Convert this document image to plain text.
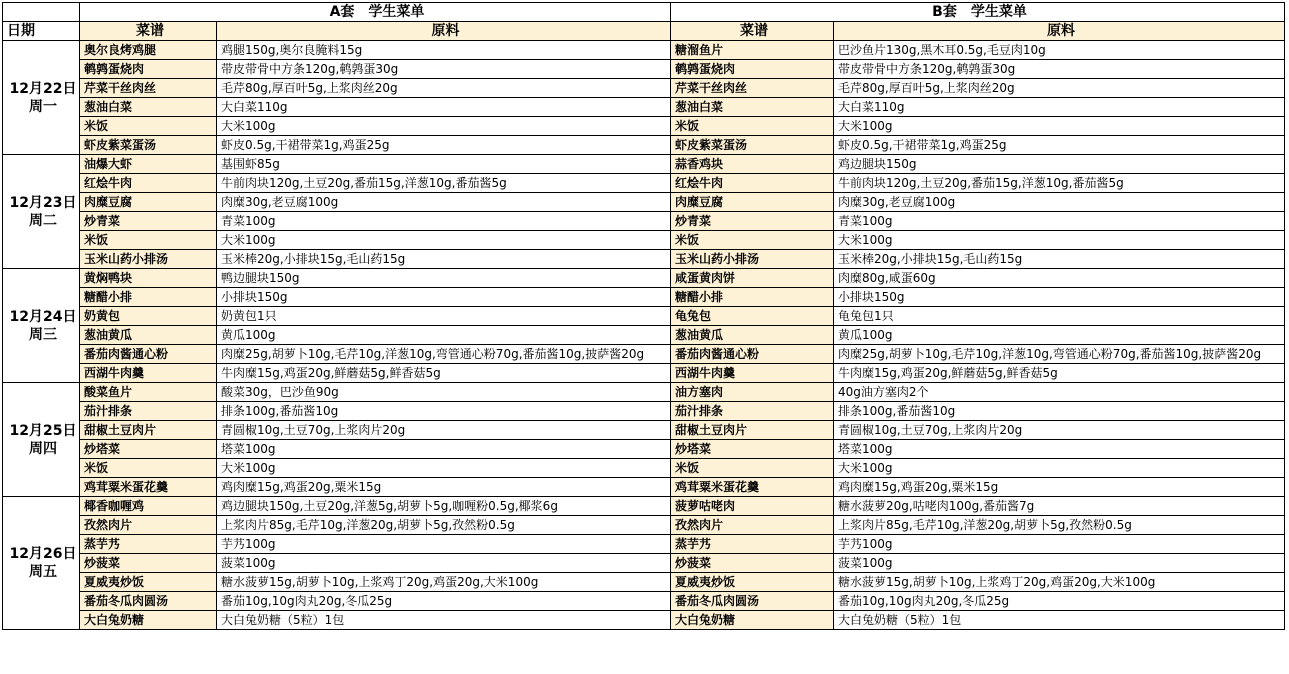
	A套　学生菜单		B套　学生菜单	
日期	菜谱	原料	菜谱	原料

12月22日
周一	奥尔良烤鸡腿	鸡腿150g,奥尔良腌料15g	糖溜鱼片	巴沙鱼片130g,黑木耳0.5g,毛豆肉10g
	鹌鹑蛋烧肉	带皮带骨中方条120g,鹌鹑蛋30g	鹌鹑蛋烧肉	带皮带骨中方条120g,鹌鹑蛋30g
	芹菜干丝肉丝	毛芹80g,厚百叶5g,上浆肉丝20g	芹菜干丝肉丝	毛芹80g,厚百叶5g,上浆肉丝20g
	葱油白菜	大白菜110g	葱油白菜	大白菜110g
	米饭	大米100g	米饭	大米100g
	虾皮紫菜蛋汤	虾皮0.5g,干裙带菜1g,鸡蛋25g	虾皮紫菜蛋汤	虾皮0.5g,干裙带菜1g,鸡蛋25g

12月23日
周二	油爆大虾	基围虾85g	蒜香鸡块	鸡边腿块150g
	红烩牛肉	牛前肉块120g,土豆20g,番茄15g,洋葱10g,番茄酱5g	红烩牛肉	牛前肉块120g,土豆20g,番茄15g,洋葱10g,番茄酱5g
	肉糜豆腐	肉糜30g,老豆腐100g	肉糜豆腐	肉糜30g,老豆腐100g
	炒青菜	青菜100g	炒青菜	青菜100g
	米饭	大米100g	米饭	大米100g
	玉米山药小排汤	玉米棒20g,小排块15g,毛山药15g	玉米山药小排汤	玉米棒20g,小排块15g,毛山药15g

12月24日
周三	黄焖鸭块	鸭边腿块150g	咸蛋黄肉饼	肉糜80g,咸蛋60g
	糖醋小排	小排块150g	糖醋小排	小排块150g
	奶黄包	奶黄包1只	龟兔包	龟兔包1只
	葱油黄瓜	黄瓜100g	葱油黄瓜	黄瓜100g
	番茄肉酱通心粉	肉糜25g,胡萝卜10g,毛芹10g,洋葱10g,弯管通心粉70g,番茄酱10g,披萨酱20g	番茄肉酱通心粉	肉糜25g,胡萝卜10g,毛芹10g,洋葱10g,弯管通心粉70g,番茄酱10g,披萨酱20g
	西湖牛肉羹	牛肉糜15g,鸡蛋20g,鲜蘑菇5g,鲜香菇5g	西湖牛肉羹	牛肉糜15g,鸡蛋20g,鲜蘑菇5g,鲜香菇5g

12月25日
周四	酸菜鱼片	酸菜30g，巴沙鱼90g	油方塞肉	40g油方塞肉2个
	茄汁排条	排条100g,番茄酱10g	茄汁排条	排条100g,番茄酱10g
	甜椒土豆肉片	青圆椒10g,土豆70g,上浆肉片20g	甜椒土豆肉片	青圆椒10g,土豆70g,上浆肉片20g
	炒塔菜	塔菜100g	炒塔菜	塔菜100g
	米饭	大米100g	米饭	大米100g
	鸡茸粟米蛋花羹	鸡肉糜15g,鸡蛋20g,粟米15g	鸡茸粟米蛋花羹	鸡肉糜15g,鸡蛋20g,粟米15g

12月26日
周五	椰香咖喱鸡	鸡边腿块150g,土豆20g,洋葱5g,胡萝卜5g,咖喱粉0.5g,椰浆6g	菠萝咕咾肉	糖水菠萝20g,咕咾肉100g,番茄酱7g
	孜然肉片	上浆肉片85g,毛芹10g,洋葱20g,胡萝卜5g,孜然粉0.5g	孜然肉片	上浆肉片85g,毛芹10g,洋葱20g,胡萝卜5g,孜然粉0.5g
	蒸芋艿	芋艿100g	蒸芋艿	芋艿100g
	炒菠菜	菠菜100g	炒菠菜	菠菜100g
	夏威夷炒饭	糖水菠萝15g,胡萝卜10g,上浆鸡丁20g,鸡蛋20g,大米100g	夏威夷炒饭	糖水菠萝15g,胡萝卜10g,上浆鸡丁20g,鸡蛋20g,大米100g
	番茄冬瓜肉圆汤	番茄10g,10g肉丸20g,冬瓜25g	番茄冬瓜肉圆汤	番茄10g,10g肉丸20g,冬瓜25g
	大白兔奶糖	大白兔奶糖（5粒）1包	大白兔奶糖	大白兔奶糖（5粒）1包
